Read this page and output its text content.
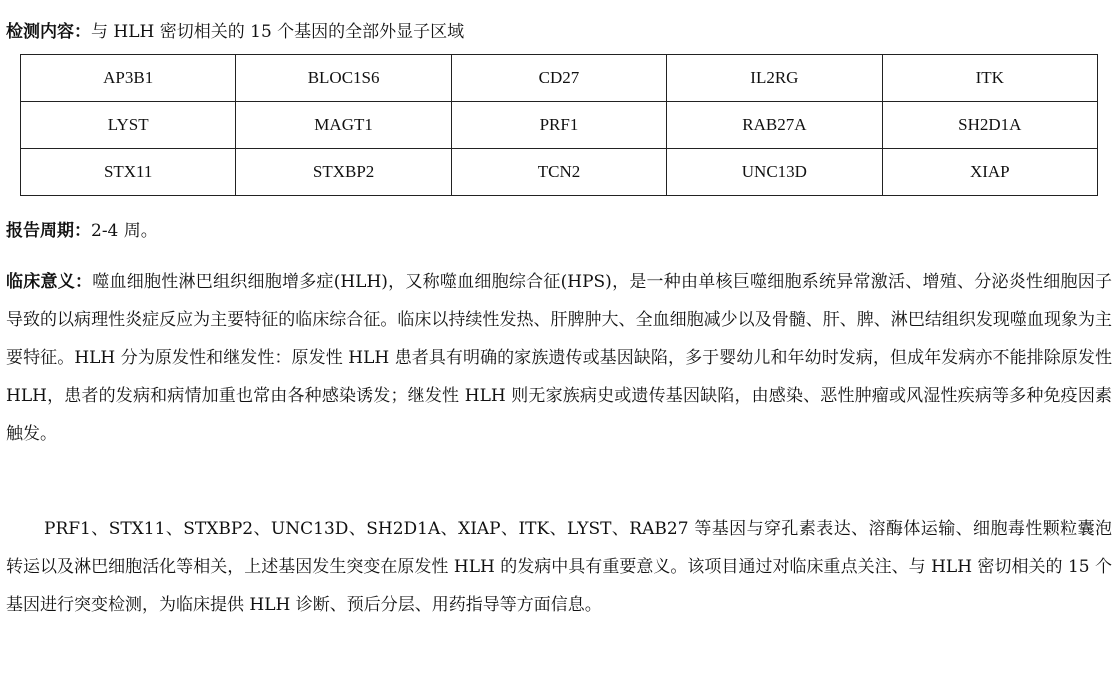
检测内容：与 HLH 密切相关的 15 个基因的全部外显子区域
AP3B1	BLOC1S6	CD27	IL2RG	ITK
LYST	MAGT1	PRF1	RAB27A	SH2D1A
STX11	STXBP2	TCN2	UNC13D	XIAP
报告周期：2-4 周。

临床意义：噬血细胞性淋巴组织细胞增多症(HLH)，又称噬血细胞综合征(HPS)，是一种由单核巨噬细胞系统异常激活、增殖、分泌炎性细胞因子导致的以病理性炎症反应为主要特征的临床综合征。临床以持续性发热、肝脾肿大、全血细胞减少以及骨髓、肝、脾、淋巴结组织发现噬血现象为主要特征。HLH 分为原发性和继发性：原发性 HLH 患者具有明确的家族遗传或基因缺陷，多于婴幼儿和年幼时发病，但成年发病亦不能排除原发性 HLH，患者的发病和病情加重也常由各种感染诱发；继发性 HLH 则无家族病史或遗传基因缺陷，由感染、恶性肿瘤或风湿性疾病等多种免疫因素触发。

PRF1、STX11、STXBP2、UNC13D、SH2D1A、XIAP、ITK、LYST、RAB27 等基因与穿孔素表达、溶酶体运输、细胞毒性颗粒囊泡转运以及淋巴细胞活化等相关，上述基因发生突变在原发性 HLH 的发病中具有重要意义。该项目通过对临床重点关注、与 HLH 密切相关的 15 个基因进行突变检测，为临床提供 HLH 诊断、预后分层、用药指导等方面信息。
